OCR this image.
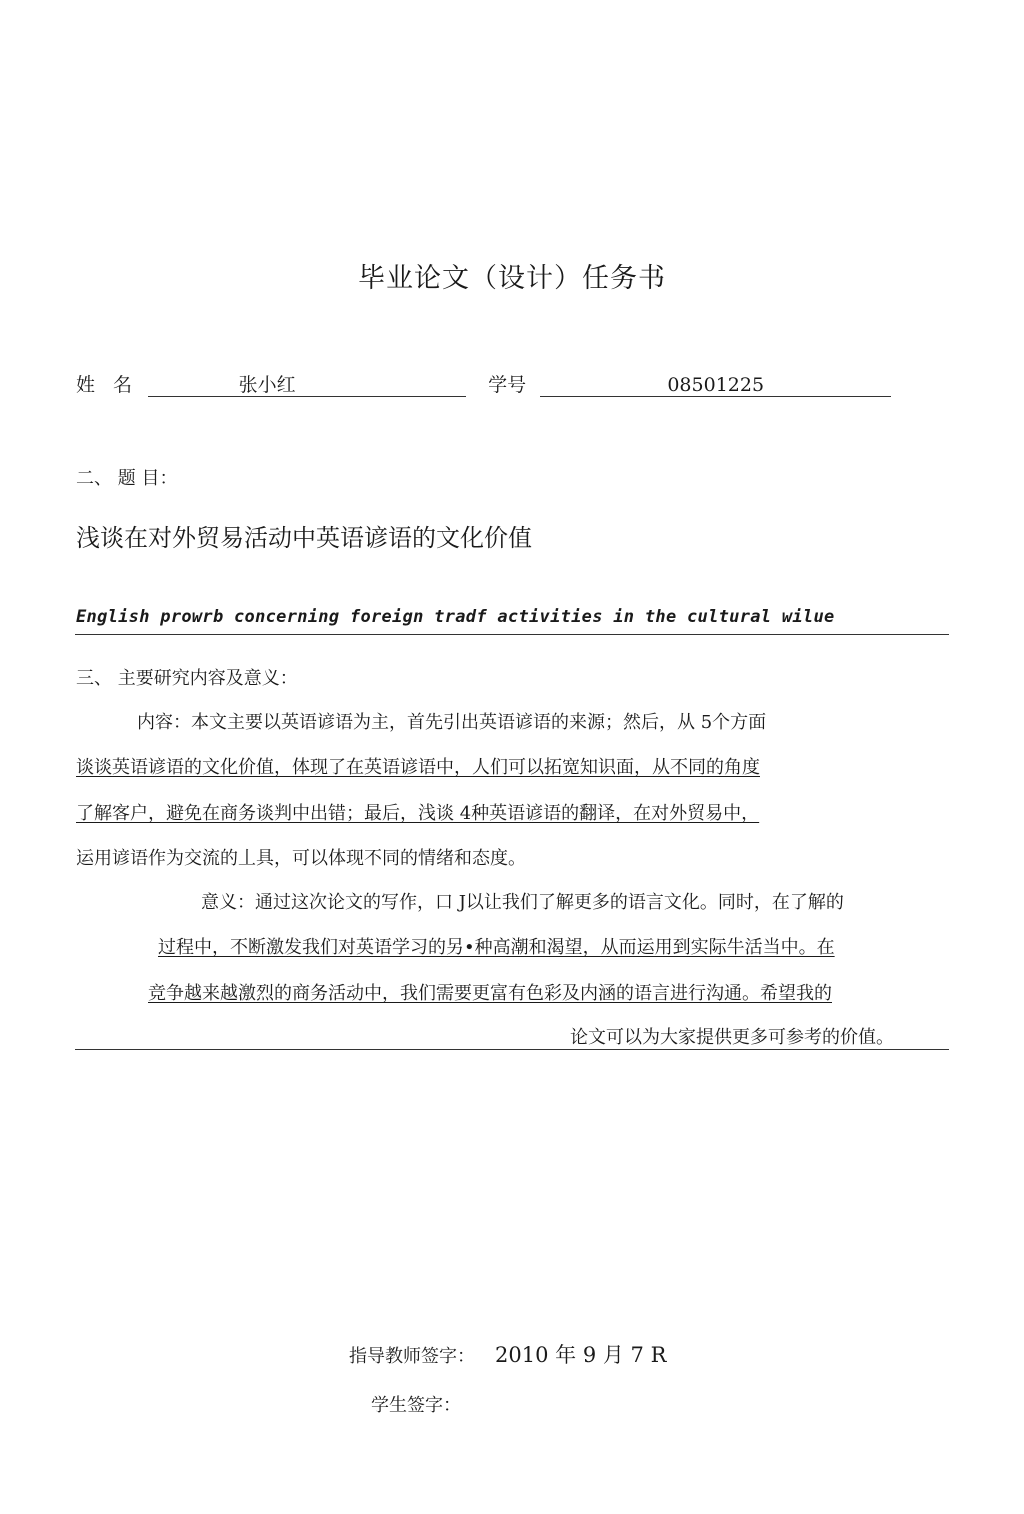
毕业论文（设计）任务书
姓 名	张小红	学号	08501225
二、 题 目：
浅谈在对外贸易活动中英语谚语的文化价值
English prowrb concerning foreign tradf activities in the cultural wilue
三、 主要研究内容及意义：
内容：本文主要以英语谚语为主，首先引出英语谚语的来源；然后，从 5个方面
谈谈英语谚语的文化价值，体现了在英语谚语中，人们可以拓宽知识面，从不同的角度
了解客户，避免在商务谈判中出错；最后，浅谈 4种英语谚语的翻译，在对外贸易中，
运用谚语作为交流的丄具，可以体现不同的情绪和态度。
意义：通过这次论文的写作，口 J以让我们了解更多的语言文化。同时，在了解的
过程中，不断激发我们对英语学习的另•种高潮和渴望，从而运用到实际牛活当中。在
竞争越来越激烈的商务活动中，我们需要更富有色彩及内涵的语言进行沟通。希望我的
论文可以为大家提供更多可参考的价值。
指导教师签字： 2010 年 9 月 7 R
学生签字：
